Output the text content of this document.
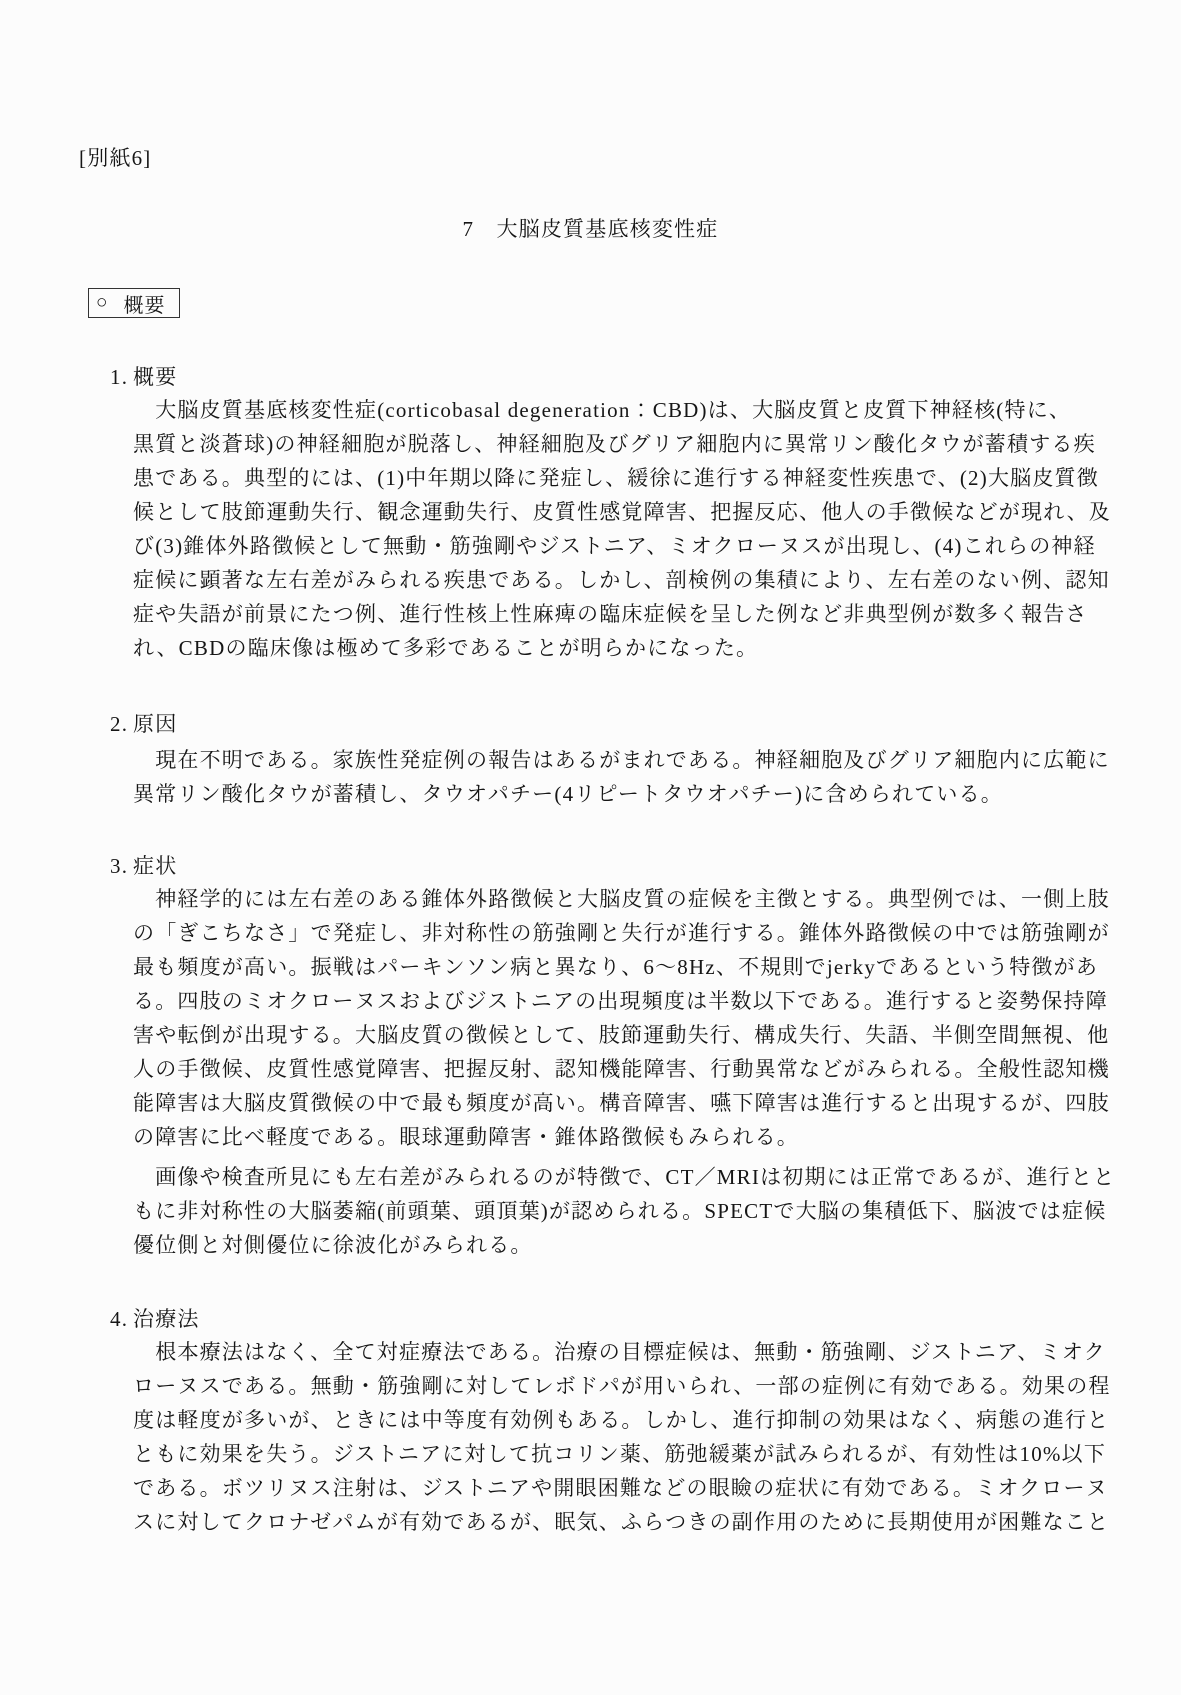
[別紙6]
7　大脳皮質基底核変性症
○ 概要
1. 概要
　大脳皮質基底核変性症(corticobasal degeneration：CBD)は、大脳皮質と皮質下神経核(特に、
黒質と淡蒼球)の神経細胞が脱落し、神経細胞及びグリア細胞内に異常リン酸化タウが蓄積する疾
患である。典型的には、(1)中年期以降に発症し、緩徐に進行する神経変性疾患で、(2)大脳皮質徴
候として肢節運動失行、観念運動失行、皮質性感覚障害、把握反応、他人の手徴候などが現れ、及
び(3)錐体外路徴候として無動・筋強剛やジストニア、ミオクローヌスが出現し、(4)これらの神経
症候に顕著な左右差がみられる疾患である。しかし、剖検例の集積により、左右差のない例、認知
症や失語が前景にたつ例、進行性核上性麻痺の臨床症候を呈した例など非典型例が数多く報告さ
れ、CBDの臨床像は極めて多彩であることが明らかになった。
2. 原因
　現在不明である。家族性発症例の報告はあるがまれである。神経細胞及びグリア細胞内に広範に
異常リン酸化タウが蓄積し、タウオパチー(4リピートタウオパチー)に含められている。
3. 症状
　神経学的には左右差のある錐体外路徴候と大脳皮質の症候を主徴とする。典型例では、一側上肢
の「ぎこちなさ」で発症し、非対称性の筋強剛と失行が進行する。錐体外路徴候の中では筋強剛が
最も頻度が高い。振戦はパーキンソン病と異なり、6〜8Hz、不規則でjerkyであるという特徴があ
る。四肢のミオクローヌスおよびジストニアの出現頻度は半数以下である。進行すると姿勢保持障
害や転倒が出現する。大脳皮質の徴候として、肢節運動失行、構成失行、失語、半側空間無視、他
人の手徴候、皮質性感覚障害、把握反射、認知機能障害、行動異常などがみられる。全般性認知機
能障害は大脳皮質徴候の中で最も頻度が高い。構音障害、嚥下障害は進行すると出現するが、四肢
の障害に比べ軽度である。眼球運動障害・錐体路徴候もみられる。
　画像や検査所見にも左右差がみられるのが特徴で、CT／MRIは初期には正常であるが、進行とと
もに非対称性の大脳萎縮(前頭葉、頭頂葉)が認められる。SPECTで大脳の集積低下、脳波では症候
優位側と対側優位に徐波化がみられる。
4. 治療法
　根本療法はなく、全て対症療法である。治療の目標症候は、無動・筋強剛、ジストニア、ミオク
ローヌスである。無動・筋強剛に対してレボドパが用いられ、一部の症例に有効である。効果の程
度は軽度が多いが、ときには中等度有効例もある。しかし、進行抑制の効果はなく、病態の進行と
ともに効果を失う。ジストニアに対して抗コリン薬、筋弛緩薬が試みられるが、有効性は10%以下
である。ボツリヌス注射は、ジストニアや開眼困難などの眼瞼の症状に有効である。ミオクローヌ
スに対してクロナゼパムが有効であるが、眠気、ふらつきの副作用のために長期使用が困難なこと
